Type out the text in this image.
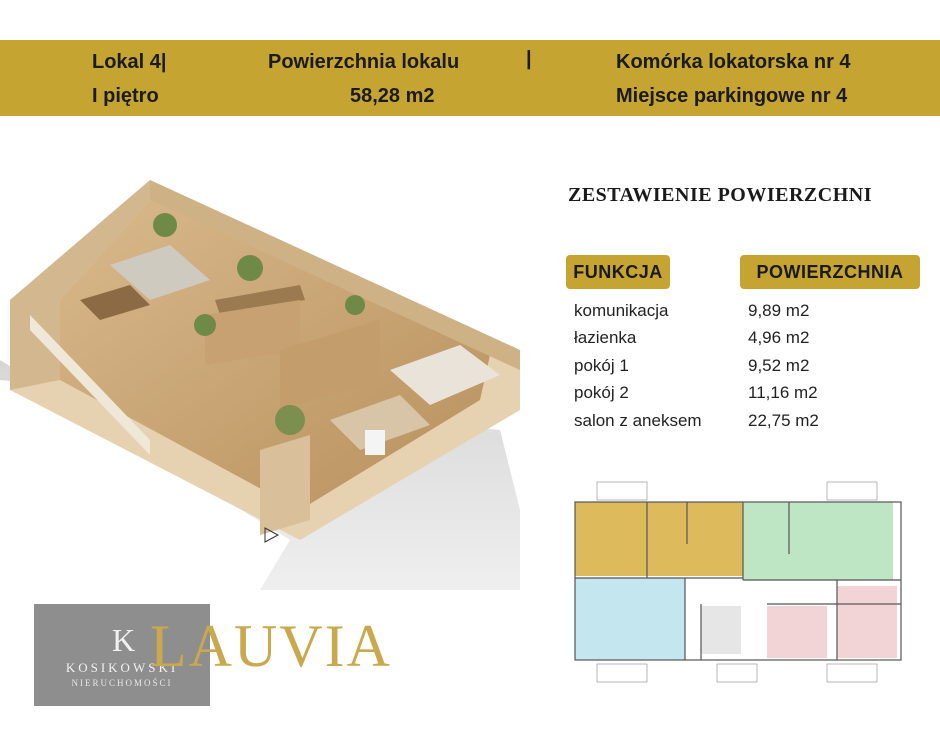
Lokal 4|	Powierzchnia lokalu	|	Komórka lokatorska nr 4
I piętro	58,28 m2	Miejsce parkingowe nr 4
ZESTAWIENIE POWIERZCHNI
FUNKCJA	POWIERZCHNIA
komunikacja	9,89 m2
łazienka	4,96 m2
pokój 1	9,52 m2
pokój 2	11,16 m2
salon z aneksem	22,75 m2
K
KOSIKOWSKI
NIERUCHOMOŚCI
LAUVIA
